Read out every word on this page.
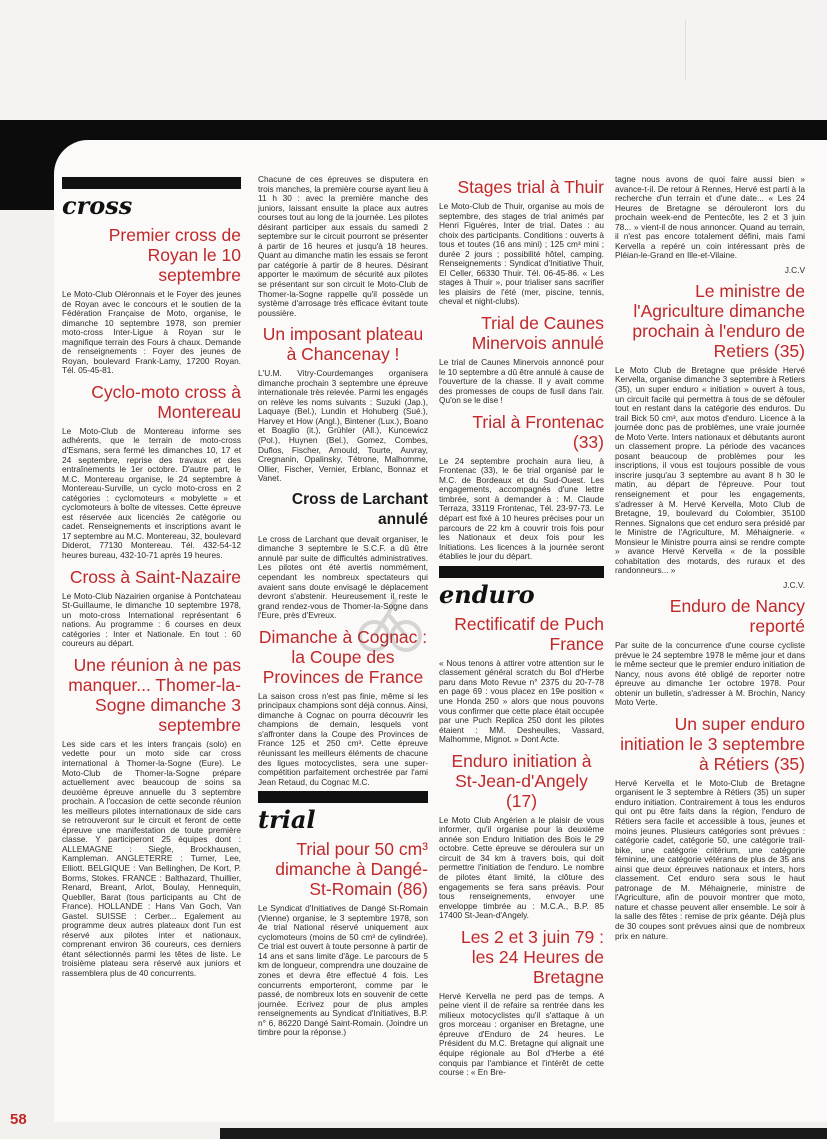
cross
Premier cross de Royan le 10 septembre

Le Moto-Club Oléronnais et le Foyer des jeunes de Royan avec le concours et le soutien de la Fédération Française de Moto, organise, le dimanche 10 septembre 1978, son premier moto-cross Inter-Ligue à Royan sur le magnifique terrain des Fours à chaux. Demande de renseignements : Foyer des jeunes de Royan, boulevard Frank-Lamy, 17200 Royan. Tél. 05-45-81.

Cyclo-moto cross à Montereau

Le Moto-Club de Montereau informe ses adhérents, que le terrain de moto-cross d'Esmans, sera fermé les dimanches 10, 17 et 24 septembre, reprise des travaux et des entraînements le 1er octobre. D'autre part, le M.C. Montereau organise, le 24 septembre à Montereau-Surville, un cyclo moto-cross en 2 catégories : cyclomoteurs « mobylette » et cyclomoteurs à boîte de vitesses. Cette épreuve est réservée aux licenciés 2e catégorie ou cadet. Renseignements et inscriptions avant le 17 septembre au M.C. Montereau, 32, boulevard Diderot, 77130 Montereau. Tél. 432-54-12 heures bureau, 432-10-71 après 19 heures.

Cross à Saint-Nazaire

Le Moto-Club Nazairien organise à Pontchateau St-Guillaume, le dimanche 10 septembre 1978, un moto-cross International représentant 6 nations. Au programme : 6 courses en deux catégories : Inter et Nationale. En tout : 60 coureurs au départ.

Une réunion à ne pas manquer... Thomer-la-Sogne dimanche 3 septembre

Les side cars et les inters français (solo) en vedette pour un moto side car cross international à Thomer-la-Sogne (Eure). Le Moto-Club de Thomer-la-Sogne prépare actuellement avec beaucoup de soins sa deuxième épreuve annuelle du 3 septembre prochain. A l'occasion de cette seconde réunion les meilleurs pilotes internationaux de side cars se retrouveront sur le circuit et feront de cette épreuve une manifestation de toute première classe. Y participeront 25 équipes dont : ALLEMAGNE : Siegle, Brockhausen, Kampleman. ANGLETERRE : Turner, Lee, Elliott. BELGIQUE : Van Bellinghen, De Kort, P. Borms, Stokes. FRANCE : Balthazard, Thuillier, Renard, Breant, Arlot, Boulay, Hennequin, Quebller, Barat (tous participants au Cht de France). HOLLANDE : Hans Van Goch, Van Gastel. SUISSE : Cerber... Egalement au programme deux autres plateaux dont l'un est réservé aux pilotes inter et nationaux, comprenant environ 36 coureurs, ces derniers étant sélectionnés parmi les têtes de liste. Le troisième plateau sera réservé aux juniors et rassemblera plus de 40 concurrents.

Chacune de ces épreuves se disputera en trois manches, la première course ayant lieu à 11 h 30 : avec la première manche des juniors, laissant ensuite la place aux autres courses tout au long de la journée. Les pilotes désirant participer aux essais du samedi 2 septembre sur le circuit pourront se présenter à partir de 16 heures et jusqu'à 18 heures. Quant au dimanche matin les essais se feront par catégorie à partir de 8 heures. Désirant apporter le maximum de sécurité aux pilotes se présentant sur son circuit le Moto-Club de Thomer-la-Sogne rappelle qu'il possède un système d'arrosage très efficace évitant toute poussière.

Un imposant plateau à Chancenay !

L'U.M. Vitry-Courdemanges organisera dimanche prochain 3 septembre une épreuve internationale très relevée. Parmi les engagés on relève les noms suivants : Suzuki (Jap.), Laquaye (Bel.), Lundin et Hohuberg (Sué.), Harvey et How (Angl.), Bintener (Lux.), Boano et Boaglio (it.), Grühler (All.), Kuncewicz (Pol.), Huynen (Bel.), Gomez, Combes, Duflos, Fischer, Arnould, Tourte, Auvray, Cregnanin, Opalinsky, Tétrone, Malhomme, Ollier, Fischer, Vernier, Erblanc, Bonnaz et Vanet.

Cross de Larchant annulé

Le cross de Larchant que devait organiser, le dimanche 3 septembre le S.C.F. a dû être annulé par suite de difficultés administratives. Les pilotes ont été avertis nommément, cependant les nombreux spectateurs qui avaient sans doute envisagé le déplacement devront s'abstenir. Heureusement il reste le grand rendez-vous de Thomer-la-Sogne dans l'Eure, près d'Evreux.

Dimanche à Cognac : la Coupe des Provinces de France

La saison cross n'est pas finie, même si les principaux champions sont déjà connus. Ainsi, dimanche à Cognac on pourra découvrir les champions de demain, lesquels vont s'affronter dans la Coupe des Provinces de France 125 et 250 cm³. Cette épreuve réunissant les meilleurs éléments de chacune des ligues motocyclistes, sera une super-compétition parfaitement orchestrée par l'ami Jean Retaud, du Cognac M.C.

trial
Trial pour 50 cm³ dimanche à Dangé-St-Romain (86)

Le Syndicat d'Initiatives de Dangé St-Romain (Vienne) organise, le 3 septembre 1978, son 4e trial National réservé uniquement aux cyclomoteurs (moins de 50 cm³ de cylindrée). Ce trial est ouvert à toute personne à partir de 14 ans et sans limite d'âge. Le parcours de 5 km de longueur, comprendra une douzaine de zones et devra être effectué 4 fois. Les concurrents emporteront, comme par le passé, de nombreux lots en souvenir de cette journée. Ecrivez pour de plus amples renseignements au Syndicat d'Initiatives, B.P. n° 6, 86220 Dangé Saint-Romain. (Joindre un timbre pour la réponse.)

Stages trial à Thuir

Le Moto-Club de Thuir, organise au mois de septembre, des stages de trial animés par Henri Figuères, Inter de trial. Dates : au choix des participants. Conditions : ouverts à tous et toutes (16 ans mini) ; 125 cm³ mini ; durée 2 jours ; possibilité hôtel, camping. Renseignements : Syndicat d'Initiative Thuir, El Celler, 66330 Thuir. Tél. 06-45-86. « Les stages à Thuir », pour trialiser sans sacrifier les plaisirs de l'été (mer, piscine, tennis, cheval et night-clubs).

Trial de Caunes Minervois annulé

Le trial de Caunes Minervois annoncé pour le 10 septembre a dû être annulé à cause de l'ouverture de la chasse. Il y avait comme des promesses de coups de fusil dans l'air. Qu'on se le dise !

Trial à Frontenac (33)

Le 24 septembre prochain aura lieu, à Frontenac (33), le 6e trial organisé par le M.C. de Bordeaux et du Sud-Ouest. Les engagements, accompagnés d'une lettre timbrée, sont à demander à : M. Claude Terraza, 33119 Frontenac, Tél. 23-97-73. Le départ est fixé à 10 heures précises pour un parcours de 22 km à couvrir trois fois pour les Nationaux et deux fois pour les Initiations. Les licences à la journée seront établies le jour du départ.

enduro
Rectificatif de Puch France

« Nous tenons à attirer votre attention sur le classement général scratch du Bol d'Herbe paru dans Moto Revue n° 2375 du 20-7-78 en page 69 : vous placez en 19e position « une Honda 250 » alors que nous pouvons vous confirmer que cette place était occupée par une Puch Replica 250 dont les pilotes étaient : MM. Desheulles, Vassard, Malhomme, Mignot. » Dont Acte.

Enduro initiation à St-Jean-d'Angely (17)

Le Moto Club Angérien a le plaisir de vous informer, qu'il organise pour la deuxième année son Enduro Initiation des Bois le 29 octobre. Cette épreuve se déroulera sur un circuit de 34 km à travers bois, qui doit permettre l'initiation de l'enduro. Le nombre de pilotes étant limité, la clôture des engagements se fera sans préavis. Pour tous renseignements, envoyer une enveloppe timbrée au : M.C.A., B.P. 85 17400 St-Jean-d'Angely.

Les 2 et 3 juin 79 : les 24 Heures de Bretagne

Hervé Kervella ne perd pas de temps. A peine vient il de refaire sa rentrée dans les milieux motocyclistes qu'il s'attaque à un gros morceau : organiser en Bretagne, une épreuve d'Enduro de 24 heures. Le Président du M.C. Bretagne qui alignait une équipe régionale au Bol d'Herbe a été conquis par l'ambiance et l'intérêt de cette course : « En Bre-

tagne nous avons de quoi faire aussi bien » avance-t-il. De retour à Rennes, Hervé est parti à la recherche d'un terrain et d'une date... « Les 24 Heures de Bretagne se dérouleront lors du prochain week-end de Pentecôte, les 2 et 3 juin 78... » vient-il de nous annoncer. Quand au terrain, il n'est pas encore totalement défini, mais l'ami Kervella a repéré un coin intéressant près de Pléian-le-Grand en Ille-et-Vilaine.

J.C.V
Le ministre de l'Agriculture dimanche prochain à l'enduro de Retiers (35)

Le Moto Club de Bretagne que préside Hervé Kervella, organise dimanche 3 septembre à Retiers (35), un super enduro « initiation » ouvert à tous, un circuit facile qui permettra à tous de se défouler tout en restant dans la catégorie des enduros. Du trail Bick 50 cm³, aux motos d'enduro. Licence à la journée donc pas de problèmes, une vraie journée de Moto Verte. Inters nationaux et débutants auront un classement propre. La période des vacances posant beaucoup de problèmes pour les inscriptions, il vous est toujours possible de vous inscrire jusqu'au 3 septembre au avant 8 h 30 le matin, au départ de l'épreuve. Pour tout renseignement et pour les engagements, s'adresser à M. Hervé Kervella, Moto Club de Bretagne, 19, boulevard du Colombier, 35100 Rennes. Signalons que cet enduro sera présidé par le Ministre de l'Agriculture, M. Méhaignerie. « Monsieur le Ministre pourra ainsi se rendre compte » avance Hervé Kervella « de la possible cohabitation des motards, des ruraux et des randonneurs... »

J.C.V.
Enduro de Nancy reporté

Par suite de la concurrence d'une course cycliste prévue le 24 septembre 1978 le même jour et dans le même secteur que le premier enduro initiation de Nancy, nous avons été obligé de reporter notre épreuve au dimanche 1er octobre 1978. Pour obtenir un bulletin, s'adresser à M. Brochin, Nancy Moto Verte.

Un super enduro initiation le 3 septembre à Rétiers (35)

Hervé Kervella et le Moto-Club de Bretagne organisent le 3 septembre à Rétiers (35) un super enduro initiation. Contrairement à tous les enduros qui ont pu être faits dans la région, l'enduro de Rétiers sera facile et accessible à tous, jeunes et moins jeunes. Plusieurs catégories sont prévues : catégorie cadet, catégorie 50, une catégorie trail-bike, une catégorie critérium, une catégorie féminine, une catégorie vétérans de plus de 35 ans ainsi que deux épreuves nationaux et inters, hors classement. Cet enduro sera sous le haut patronage de M. Méhaignerie, ministre de l'Agriculture, afin de pouvoir montrer que moto, nature et chasse peuvent aller ensemble. Le soir à la salle des fêtes : remise de prix géante. Déjà plus de 30 coupes sont prévues ainsi que de nombreux prix en nature.

58
